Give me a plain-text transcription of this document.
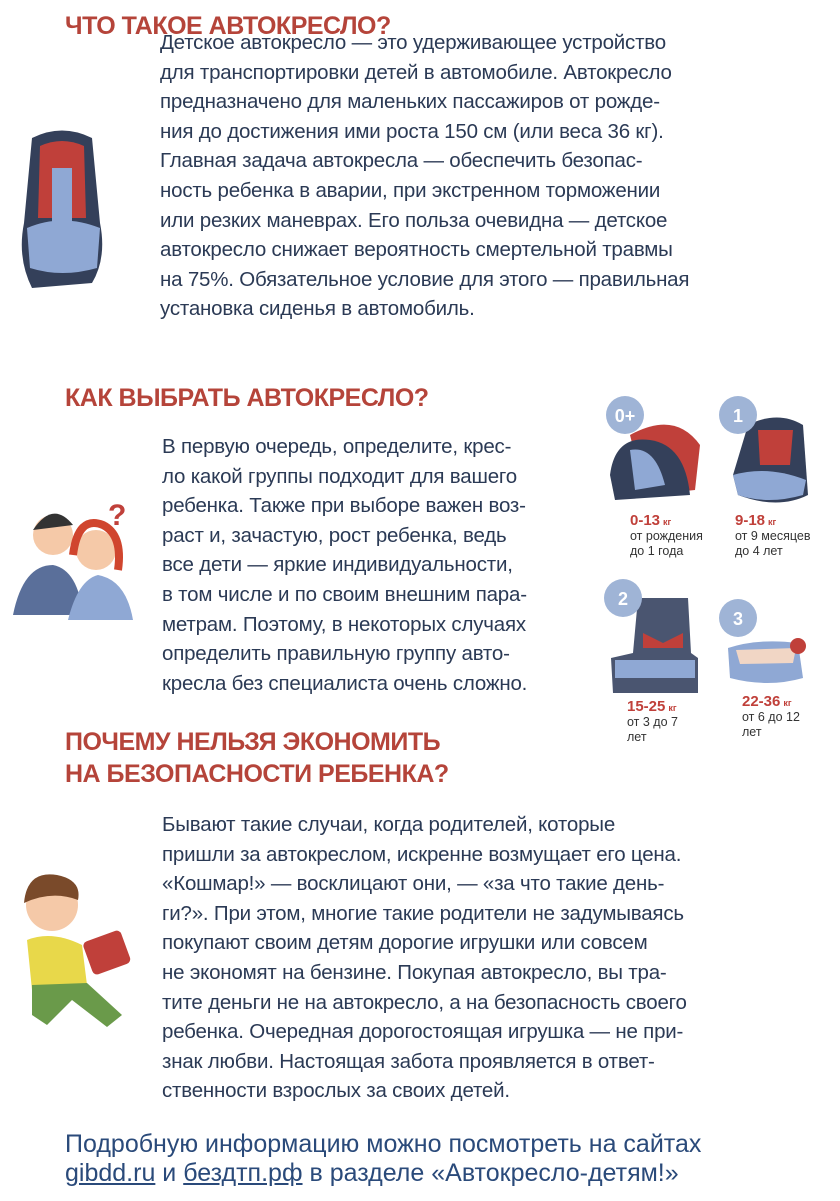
ЧТО ТАКОЕ АВТОКРЕСЛО?
Детское автокресло — это удерживающее устройство
для транспортировки детей в автомобиле. Автокресло
предназначено для маленьких пассажиров от рожде-
ния до достижения ими роста 150 см (или веса 36 кг).
Главная задача автокресла — обеспечить безопас-
ность ребенка в аварии, при экстренном торможении
или резких маневрах. Его польза очевидна — детское
автокресло снижает вероятность смертельной травмы
на 75%. Обязательное условие для этого — правильная
установка сиденья в автомобиль.
КАК ВЫБРАТЬ АВТОКРЕСЛО?
В первую очередь, определите, крес-
ло какой группы подходит для вашего
ребенка. Также при выборе важен воз-
раст и, зачастую, рост ребенка, ведь
все дети — яркие индивидуальности,
в том числе и по своим внешним пара-
метрам. Поэтому, в некоторых случаях
определить правильную группу авто-
кресла без специалиста очень сложно.
?
0+	1
2
3
0-13 кг
от рождения
до 1 года
9-18 кг
от 9 месяцев
до 4 лет
15-25 кг
от 3 до 7
лет
22-36 кг
от 6 до 12
лет
ПОЧЕМУ НЕЛЬЗЯ ЭКОНОМИТЬ
НА БЕЗОПАСНОСТИ РЕБЕНКА?
Бывают такие случаи, когда родителей, которые
пришли за автокреслом, искренне возмущает его цена.
«Кошмар!» — восклицают они, — «за что такие день-
ги?». При этом, многие такие родители не задумываясь
покупают своим детям дорогие игрушки или совсем
не экономят на бензине. Покупая автокресло, вы тра-
тите деньги не на автокресло, а на безопасность своего
ребенка. Очередная дорогостоящая игрушка — не при-
знак любви. Настоящая забота проявляется в ответ-
ственности взрослых за своих детей.
Подробную информацию можно посмотреть на сайтах
gibdd.ru и бездтп.рф в разделе «Автокресло-детям!»
